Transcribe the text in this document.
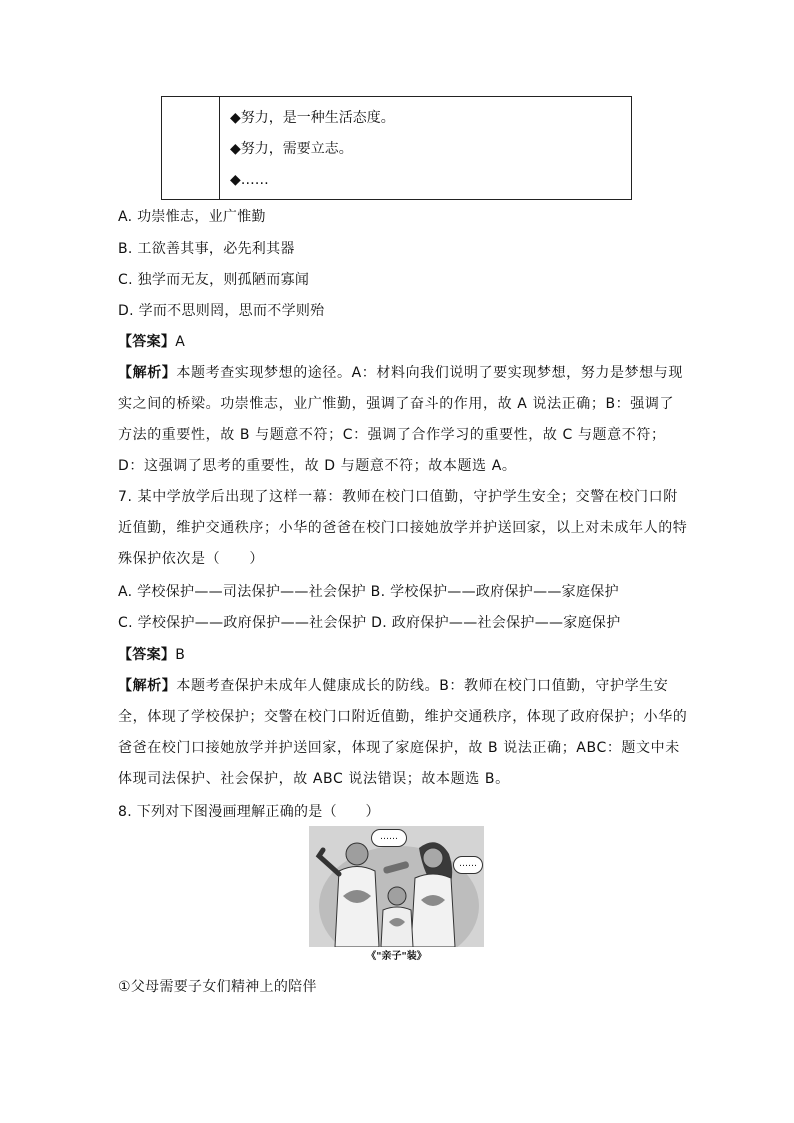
◆努力，是一种生活态度。
◆努力，需要立志。
◆……
A. 功崇惟志，业广惟勤
B. 工欲善其事，必先利其器
C. 独学而无友，则孤陋而寡闻
D. 学而不思则罔，思而不学则殆
【答案】A
【解析】本题考查实现梦想的途径。A：材料向我们说明了要实现梦想，努力是梦想与现实之间的桥梁。功崇惟志，业广惟勤，强调了奋斗的作用，故 A 说法正确；B：强调了方法的重要性，故 B 与题意不符；C：强调了合作学习的重要性，故 C 与题意不符；D：这强调了思考的重要性，故 D 与题意不符；故本题选 A。
7. 某中学放学后出现了这样一幕：教师在校门口值勤，守护学生安全；交警在校门口附近值勤，维护交通秩序；小华的爸爸在校门口接她放学并护送回家，以上对未成年人的特殊保护依次是（　　）
A. 学校保护——司法保护——社会保护 B. 学校保护——政府保护——家庭保护
C. 学校保护——政府保护——社会保护 D. 政府保护——社会保护——家庭保护
【答案】B
【解析】本题考查保护未成年人健康成长的防线。B：教师在校门口值勤，守护学生安全，体现了学校保护；交警在校门口附近值勤，维护交通秩序，体现了政府保护；小华的爸爸在校门口接她放学并护送回家，体现了家庭保护，故 B 说法正确；ABC：题文中未体现司法保护、社会保护，故 ABC 说法错误；故本题选 B。
8. 下列对下图漫画理解正确的是（　　）
……
……
《"亲子"装》
①父母需要子女们精神上的陪伴
